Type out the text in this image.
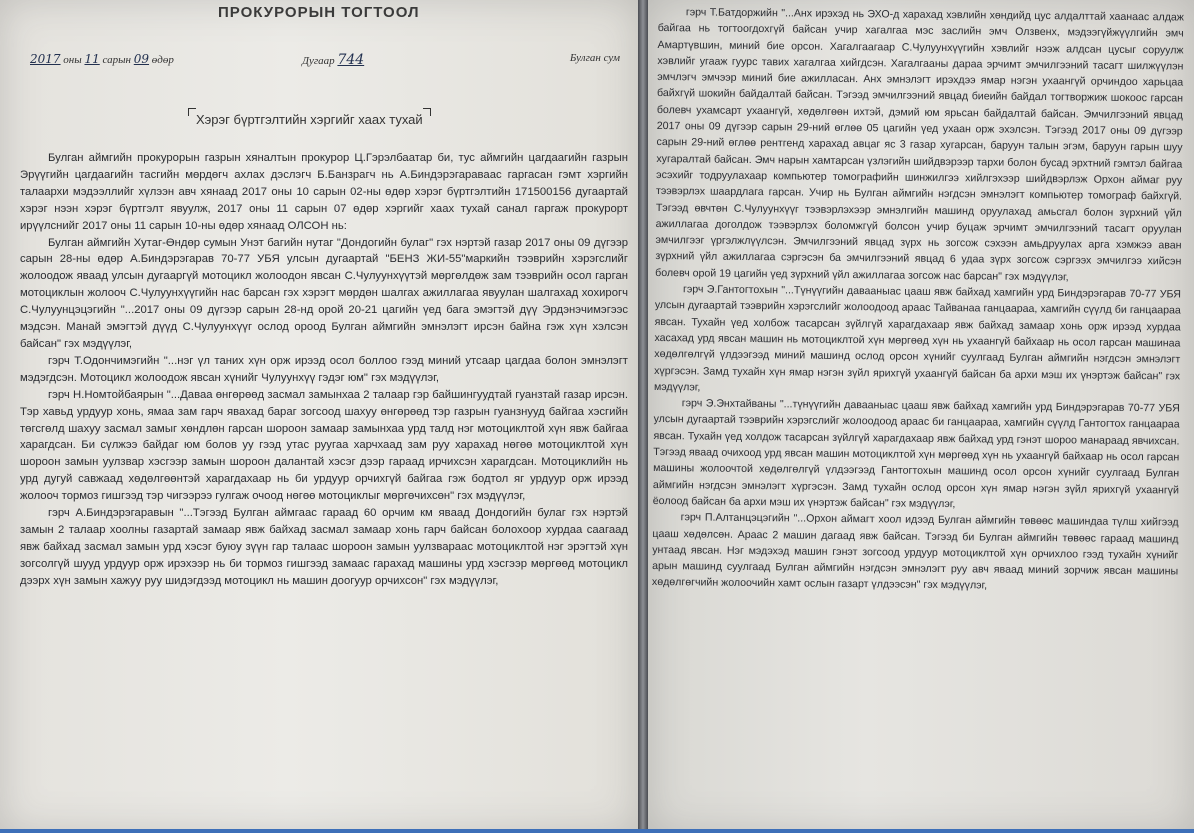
ПРОКУРОРЫН ТОГТООЛ
2017 оны 11 сарын 09 өдөр	Дугаар 744	Булган сум
Хэрэг бүртгэлтийн хэргийг хаах тухай

Булган аймгийн прокурорын газрын хяналтын прокурор Ц.Гэрэлбаатар би, тус аймгийн цагдаагийн газрын Эрүүгийн цагдаагийн тасгийн мөрдөгч ахлах дэслэгч Б.Банзрагч нь А.Биндэрэгаравааc гаргасан гэмт хэргийн талаархи мэдээллийг хүлээн авч хянаад 2017 оны 10 сарын 02-ны өдөр хэрэг бүртгэлтийн 171500156 дугаартай хэрэг нээн хэрэг бүртгэлт явуулж, 2017 оны 11 сарын 07 өдөр хэргийг хаах тухай санал гаргаж прокурорт ирүүлснийг 2017 оны 11 сарын 10-ны өдөр хянаад ОЛСОН нь:

Булган аймгийн Хутаг-Өндөр сумын Унэт багийн нутаг "Дондогийн булаг" гэх нэртэй газар 2017 оны 09 дүгээр сарын 28-ны өдөр А.Биндэрэгарав 70-77 УБЯ улсын дугаартай "БЕНЗ ЖИ-55"маркийн тээврийн хэрэгслийг жолоодож явaад улсын дугааргүй мотоцикл жолоодон явсан С.Чулуунхүүтэй мөргөлдөж зам тээврийн осол гарган мотоциклын жолооч С.Чулуунхүүгийн нас барсан гэх хэрэгт мөрдөн шалгах ажиллагаа явуулан шалгахад хохирогч С.Чулуунцэцэгийн "...2017 оны 09 дүгээр сарын 28-нд орой 20-21 цагийн үед бага эмэгтэй дүү Эрдэнэчимэгээс мэдсэн. Манай эмэгтэй дүүд С.Чулуунхүүг ослод ороод Булган аймгийн эмнэлэгт ирсэн байна гэж хүн хэлсэн байсан" гэх мэдүүлэг,

гэрч Т.Одончимэгийн "...нэг үл таних хүн орж ирээд осол боллоо гээд миний утсаар цагдаа болон эмнэлэгт мэдэгдсэн. Мотоцикл жолоодож явсан хүнийг Чулуунхүү гэдэг юм" гэх мэдүүлэг,

гэрч Н.Номтойбаярын "...Даваа өнгөрөөд засмал замынхаа 2 талаар гэр байшингуудтай гуанзтай газар ирсэн. Тэр хавьд урдуур хонь, ямаа зам гарч явахад бараг зогсоод шахуу өнгөрөөд тэр газрын гуанзнууд байгаа хэсгийн төгсгөлд шахуу засмал замыг хөндлөн гарсан шороон замаар замынхаа урд талд нэг мотоциклтой хүн явж байгаа харагдсан. Би сүлжээ байдаг юм болов уу гээд утас руугаа харчхаад зам руу харахад нөгөө мотоциклтой хүн шороон замын уулзвар хэсгээр замын шороон далантай хэсэг дээр гараад ирчихсэн харагдсан. Мотоциклийн нь урд дугуй савжаад хөдөлгөөнтэй харагдахаар нь би урдуур орчихгүй байгаа гэж бодтол яг урдуур орж ирээд жолооч тормоз гишгээд тэр чигээрээ гулгаж очоод нөгөө мотоциклыг мөргөчихсөн" гэх мэдүүлэг,

гэрч А.Биндэрэгаравын "...Тэгээд Булган аймгаас гараад 60 орчим км явaад Дондогийн булаг гэх нэртэй замын 2 талаар хоолны газартай замаар явж байхад засмал замаар хонь гарч байсан болохоор хурдаа саагаад явж байхад засмал замын урд хэсэг буюу зүүн гар талаас шороон замын уулзвараас мотоциклтой нэг эрэгтэй хүн зогсолгүй шууд урдуур орж ирэхээр нь би тормоз гишгээд замаас гарахад машины урд хэсгээр мөргөөд мотоцикл дээрх хүн замын хажуу руу шидэгдээд мотоцикл нь машин доогуур орчихсон" гэх мэдүүлэг,

гэрч Т.Батдоржийн "...Анх ирэхэд нь ЭХО-д харахад хэвлийн хөндийд цус алдалттай хаанаас алдаж байгаа нь тогтоогдохгүй байсан учир хагалгаа мэс заслийн эмч Олзвенх, мэдээгүйжүүлгийн эмч Амартүвшин, миний бие орсон. Хагалгаагаар С.Чулуунхүүгийн хэвлийг нээж алдсан цусыг соруулж хэвлийг угааж гуурс тавих хагалгаа хийгдсэн. Хагалгааны дараа эрчимт эмчилгээний тасагт шилжүүлэн эмчлэгч эмчээр миний бие ажилласан. Анх эмнэлэгт ирэхдээ ямар нэгэн ухаангүй орчиндоо харьцаа байхгүй шокийн байдалтай байсан. Тэгээд эмчилгээний явцад биеийн байдал тогтворжиж шокоос гарсан болевч ухамсарт ухаангүй, хөдөлгөөн ихтэй, дэмий юм ярьсан байдалтай байсан. Эмчилгээний явцад 2017 оны 09 дүгээр сарын 29-ний өглөө 05 цагийн үед ухаан орж эхэлсэн. Тэгээд 2017 оны 09 дүгээр сарын 29-ний өглөө рентгенд харахад авцаг яс 3 газар хугарсан, баруун талын эгэм, баруун гарын шуу хугаралтай байсан. Эмч нарын хамтарсан үзлэгийн шийдвэрээр тархи болон бусад эрхтний гэмтэл байгаа эсэхийг тодруулахаар компьютер томографийн шинжилгээ хийлгэхээр шийдвэрлэж Орхон аймаг руу тээвэрлэх шаардлага гарсан. Учир нь Булган аймгийн нэгдсэн эмнэлэгт компьютер томограф байхгүй. Тэгээд өвчтөн С.Чулуунхүүг тээвэрлэхээр эмнэлгийн машинд оруулахад амьсгал болон зүрхний үйл ажиллагаа доголдож тээвэрлэх боломжгүй болсон учир буцаж эрчимт эмчилгээний тасагт оруулан эмчилгээг үргэлжлүүлсэн. Эмчилгээний явцад зүрх нь зогсож сэхээн амьдруулах арга хэмжээ аван зүрхний үйл ажиллагаа сэргэсэн ба эмчилгээний явцад 6 удаа зүрх зогсож сэргээх эмчилгээ хийсэн болевч орой 19 цагийн үед зүрхний үйл ажиллагаа зогсож нас барсан" гэх мэдүүлэг,

гэрч Э.Гантогтохын "...Түнүүгийн давааныас цааш явж байхад хамгийн урд Биндэрэгарав 70-77 УБЯ улсын дугаартай тээврийн хэрэгслийг жолоодоод араас Тайванаа ганцаараа, хамгийн сүүлд би ганцаараа явсан. Тухайн үед холбож тасарсан зүйлгүй харагдахаар явж байхад замаар хонь орж ирээд хурдаа хасахад урд явсан машин нь мотоциклтой хүн мөргөөд хүн нь ухаангүй байхаар нь осол гарсан машинаа хөдөлгөлгүй үлдээгээд миний машинд ослод орсон хүнийг суулгаад Булган аймгийн нэгдсэн эмнэлэгт хүргэсэн. Замд тухайн хүн ямар нэгэн зүйл ярихгүй ухаангүй байсан ба архи мэш их үнэртэж байсан" гэх мэдүүлэг,

гэрч Э.Энхтайваны "...түнүүгийн давааныас цааш явж байхад хамгийн урд Биндэрэгарав 70-77 УБЯ улсын дугаартай тээврийн хэрэгслийг жолоодоод араас би ганцаараа, хамгийн сүүлд Гантогтох ганцаараа явсан. Тухайн үед холдож тасарсан зүйлгүй харагдахаар явж байхад урд гэнэт шороо манараад явчихсан. Тэгээд явaад очихоод урд явсан машин мотоциклтой хүн мөргөөд хүн нь ухаангүй байхаар нь осол гарсан машины жолоочтой хөдөлгөлгүй үлдээгээд Гантогтохын машинд осол орсон хүнийг суулгаад Булган аймгийн нэгдсэн эмнэлэгт хүргэсэн. Замд тухайн ослод орсон хүн ямар нэгэн зүйл ярихгүй ухаангүй ёолоод байсан ба архи мэш их үнэртэж байсан" гэх мэдүүлэг,

гэрч П.Алтанцэцэгийн "...Орхон аймагт хоол идээд Булган аймгийн төвөөс машиндаа түлш хийгээд цааш хөдөлсөн. Араас 2 машин дагаад явж байсан. Тэгээд би Булган аймгийн төвөөс гараад машинд унтаад явсан. Нэг мэдэхэд машин гэнэт зогсоод урдуур мотоциклтой хүн орчихлоо гээд тухайн хүнийг арын машинд суулгаад Булган аймгийн нэгдсэн эмнэлэгт руу авч явaад миний зорчиж явсан машины хөдөлгөгчийн жолоочийн хамт ослын газарт үлдээсэн" гэх мэдүүлэг,
